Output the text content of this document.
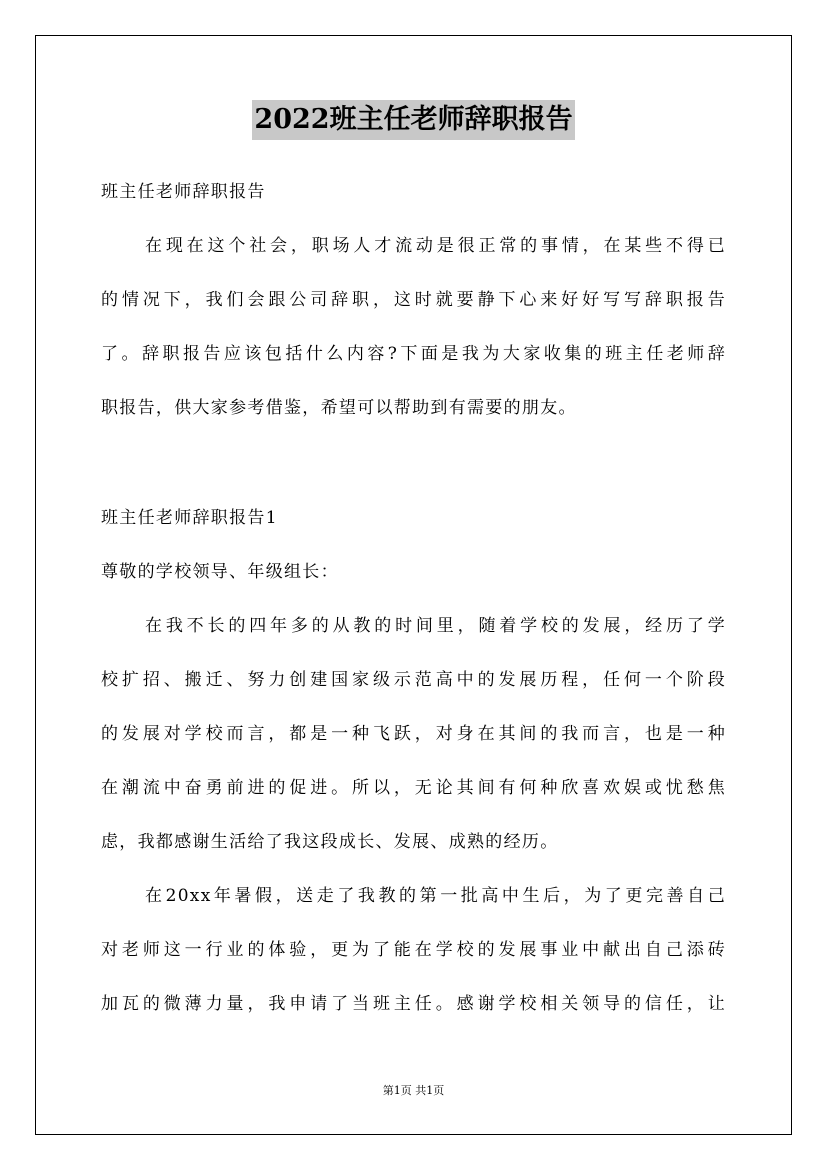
2022班主任老师辞职报告
班主任老师辞职报告
在现在这个社会，职场人才流动是很正常的事情，在某些不得已
的情况下，我们会跟公司辞职，这时就要静下心来好好写写辞职报告
了。辞职报告应该包括什么内容?下面是我为大家收集的班主任老师辞
职报告，供大家参考借鉴，希望可以帮助到有需要的朋友。
班主任老师辞职报告1
尊敬的学校领导、年级组长：
在我不长的四年多的从教的时间里，随着学校的发展，经历了学
校扩招、搬迁、努力创建国家级示范高中的发展历程，任何一个阶段
的发展对学校而言，都是一种飞跃，对身在其间的我而言，也是一种
在潮流中奋勇前进的促进。所以，无论其间有何种欣喜欢娱或忧愁焦
虑，我都感谢生活给了我这段成长、发展、成熟的经历。
在20xx年暑假，送走了我教的第一批高中生后，为了更完善自己
对老师这一行业的体验，更为了能在学校的发展事业中献出自己添砖
加瓦的微薄力量，我申请了当班主任。感谢学校相关领导的信任，让
第1页 共1页
